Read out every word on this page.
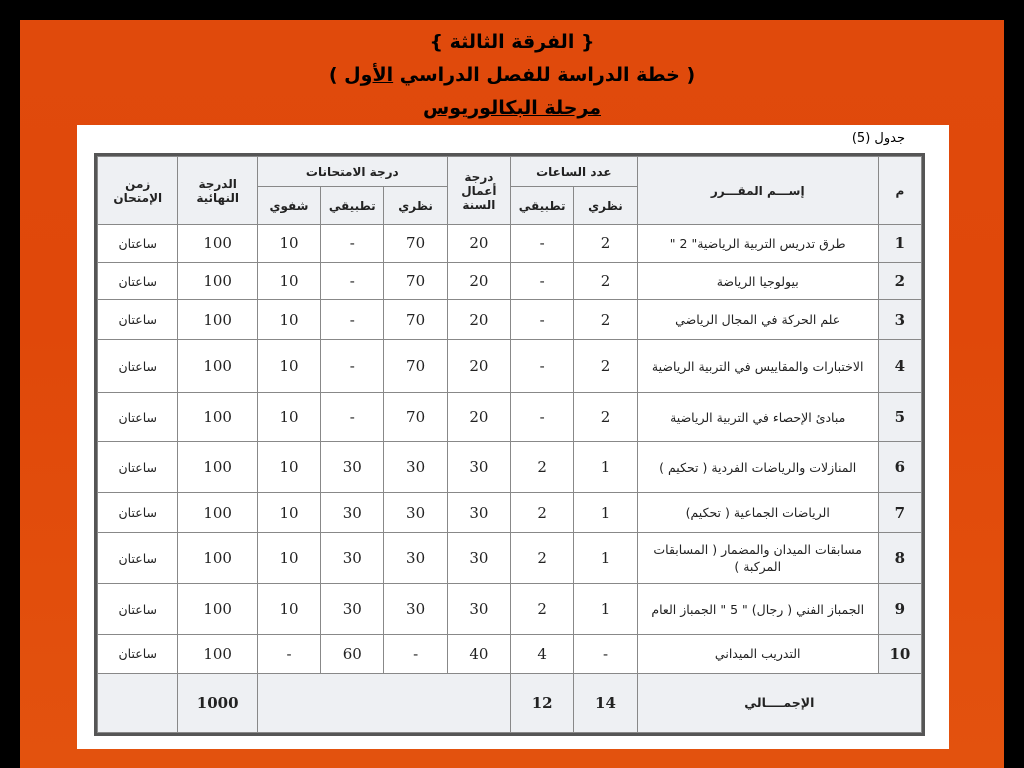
{ الفرقة الثالثة }
( خطة الدراسة للفصل الدراسي الأول )
مرحلة البكالوريوس
جدول (5)
م	إســـم المقـــرر	عدد الساعات		درجة أعمال السنة	درجة الامتحانات			الدرجة النهائية	زمن الإمتحان
		نظري	تطبيقي		نظري	تطبيقي	شفوي		
1	طرق تدريس التربية الرياضية" 2 "	2	-	20	70	-	10	100	ساعتان
2	بيولوجيا الرياضة	2	-	20	70	-	10	100	ساعتان
3	علم الحركة في المجال الرياضي	2	-	20	70	-	10	100	ساعتان
4	الاختبارات والمقاييس في التربية الرياضية	2	-	20	70	-	10	100	ساعتان
5	مبادئ الإحصاء في التربية الرياضية	2	-	20	70	-	10	100	ساعتان
6	المنازلات والرياضات الفردية ( تحكيم )	1	2	30	30	30	10	100	ساعتان
7	الرياضات الجماعية ( تحكيم)	1	2	30	30	30	10	100	ساعتان
8	مسابقات الميدان والمضمار ( المسابقات المركبة )	1	2	30	30	30	10	100	ساعتان
9	الجمباز الفني ( رجال) " 5 " الجمباز العام	1	2	30	30	30	10	100	ساعتان
10	التدريب الميداني	-	4	40	-	60	-	100	ساعتان
الإجمــــالي		14	12					1000	
